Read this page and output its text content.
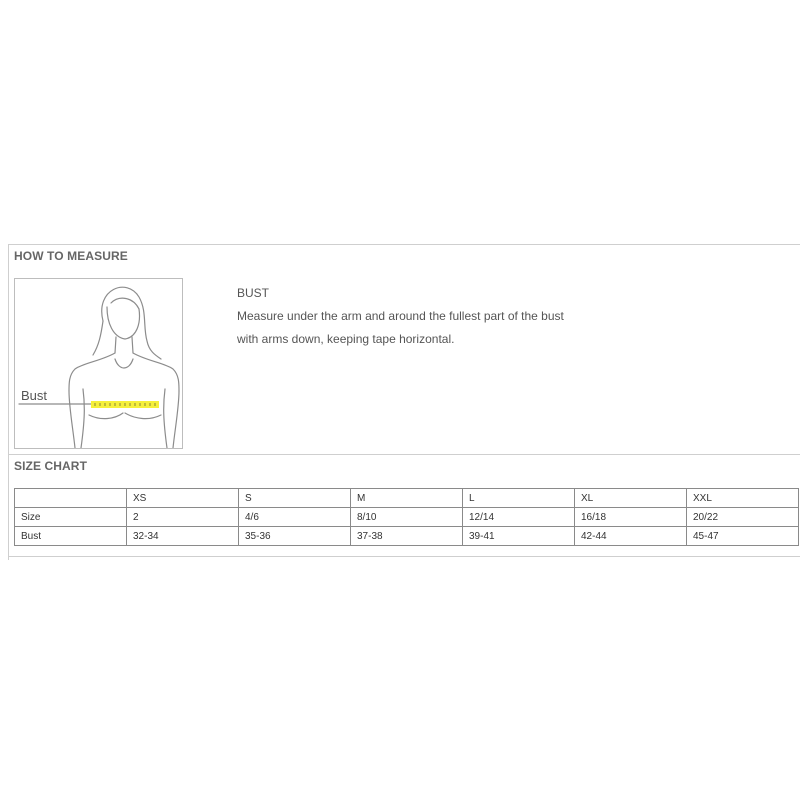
HOW TO MEASURE
Bust
BUST
Measure under the arm and around the fullest part of the bust
with arms down, keeping tape horizontal.
SIZE CHART
	XS	S	M	L	XL	XXL
Size	2	4/6	8/10	12/14	16/18	20/22
Bust	32-34	35-36	37-38	39-41	42-44	45-47
